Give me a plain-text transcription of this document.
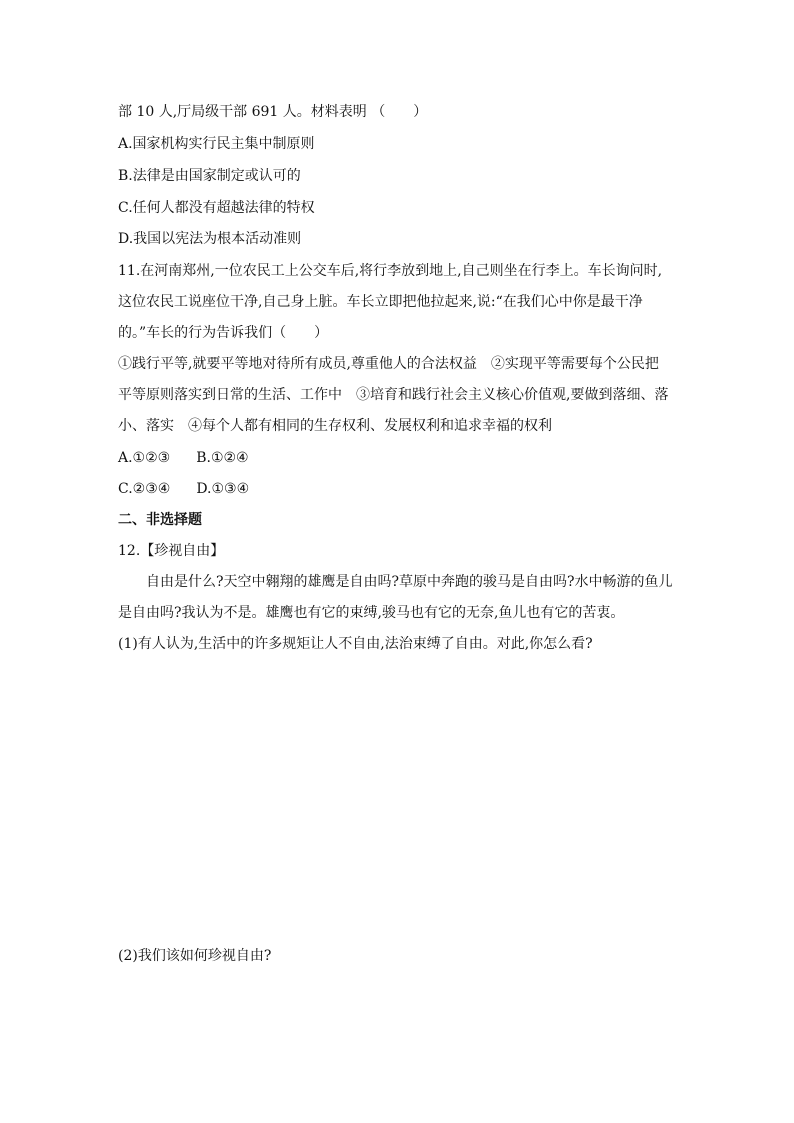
部 10 人,厅局级干部 691 人。材料表明 （　　）
A.国家机构实行民主集中制原则
B.法律是由国家制定或认可的
C.任何人都没有超越法律的特权
D.我国以宪法为根本活动准则
11.在河南郑州,一位农民工上公交车后,将行李放到地上,自己则坐在行李上。车长询问时,
这位农民工说座位干净,自己身上脏。车长立即把他拉起来,说:“在我们心中你是最干净
的。”车长的行为告诉我们（　　）
①践行平等,就要平等地对待所有成员,尊重他人的合法权益　②实现平等需要每个公民把
平等原则落实到日常的生活、工作中　③培育和践行社会主义核心价值观,要做到落细、落
小、落实　④每个人都有相同的生存权利、发展权利和追求幸福的权利
A.①②③ B.①②④
C.②③④ D.①③④
二、非选择题
12.【珍视自由】
自由是什么?天空中翱翔的雄鹰是自由吗?草原中奔跑的骏马是自由吗?水中畅游的鱼儿
是自由吗?我认为不是。雄鹰也有它的束缚,骏马也有它的无奈,鱼儿也有它的苦衷。
(1)有人认为,生活中的许多规矩让人不自由,法治束缚了自由。对此,你怎么看?
(2)我们该如何珍视自由?
